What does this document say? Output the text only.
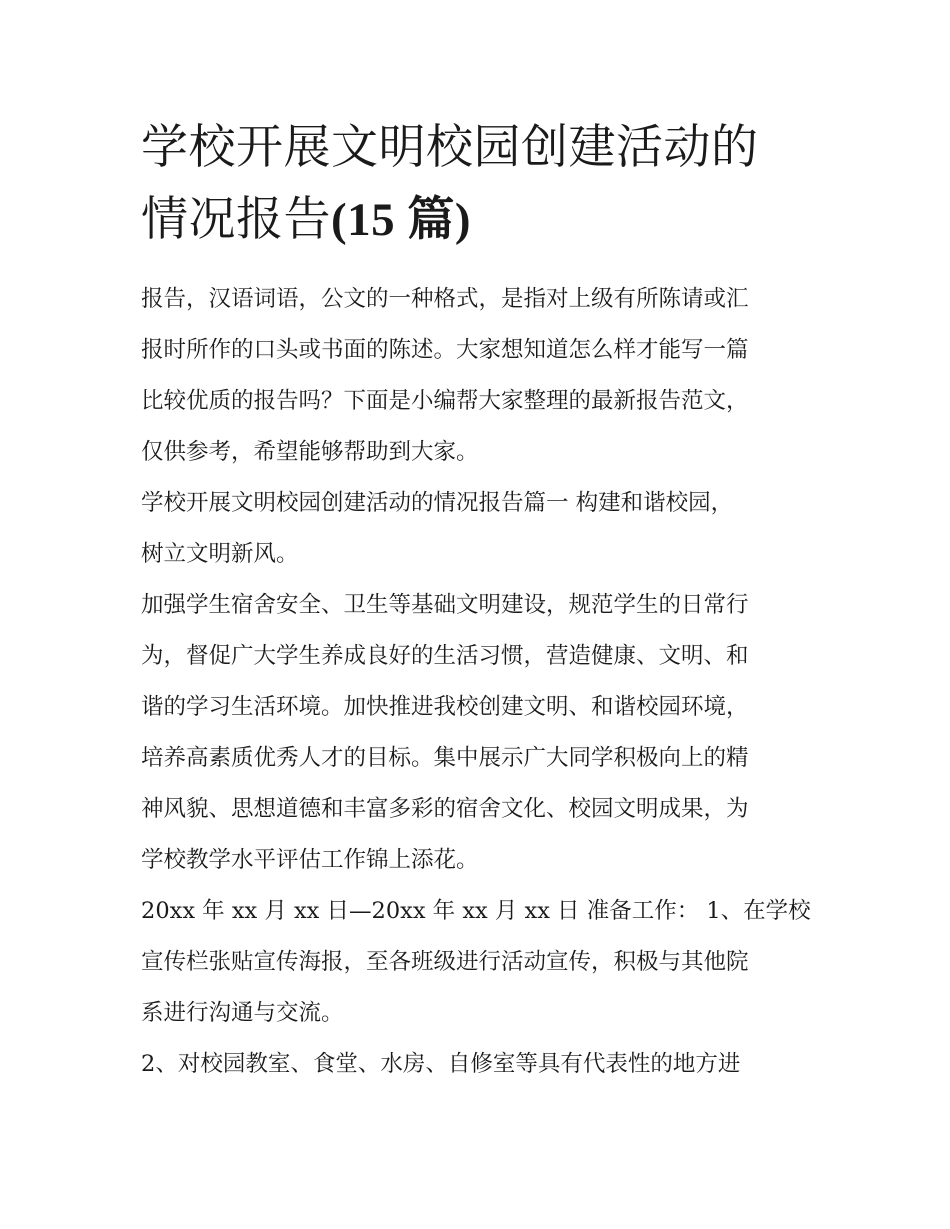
学校开展文明校园创建活动的
情况报告(15 篇)
报告，汉语词语，公文的一种格式，是指对上级有所陈请或汇
报时所作的口头或书面的陈述。大家想知道怎么样才能写一篇
比较优质的报告吗？下面是小编帮大家整理的最新报告范文，
仅供参考，希望能够帮助到大家。
学校开展文明校园创建活动的情况报告篇一 构建和谐校园，
树立文明新风。
加强学生宿舍安全、卫生等基础文明建设，规范学生的日常行
为，督促广大学生养成良好的生活习惯，营造健康、文明、和
谐的学习生活环境。加快推进我校创建文明、和谐校园环境，
培养高素质优秀人才的目标。集中展示广大同学积极向上的精
神风貌、思想道德和丰富多彩的宿舍文化、校园文明成果，为
学校教学水平评估工作锦上添花。
20xx 年 xx 月 xx 日—20xx 年 xx 月 xx 日 准备工作： 1、在学校
宣传栏张贴宣传海报，至各班级进行活动宣传，积极与其他院
系进行沟通与交流。
2、对校园教室、食堂、水房、自修室等具有代表性的地方进
